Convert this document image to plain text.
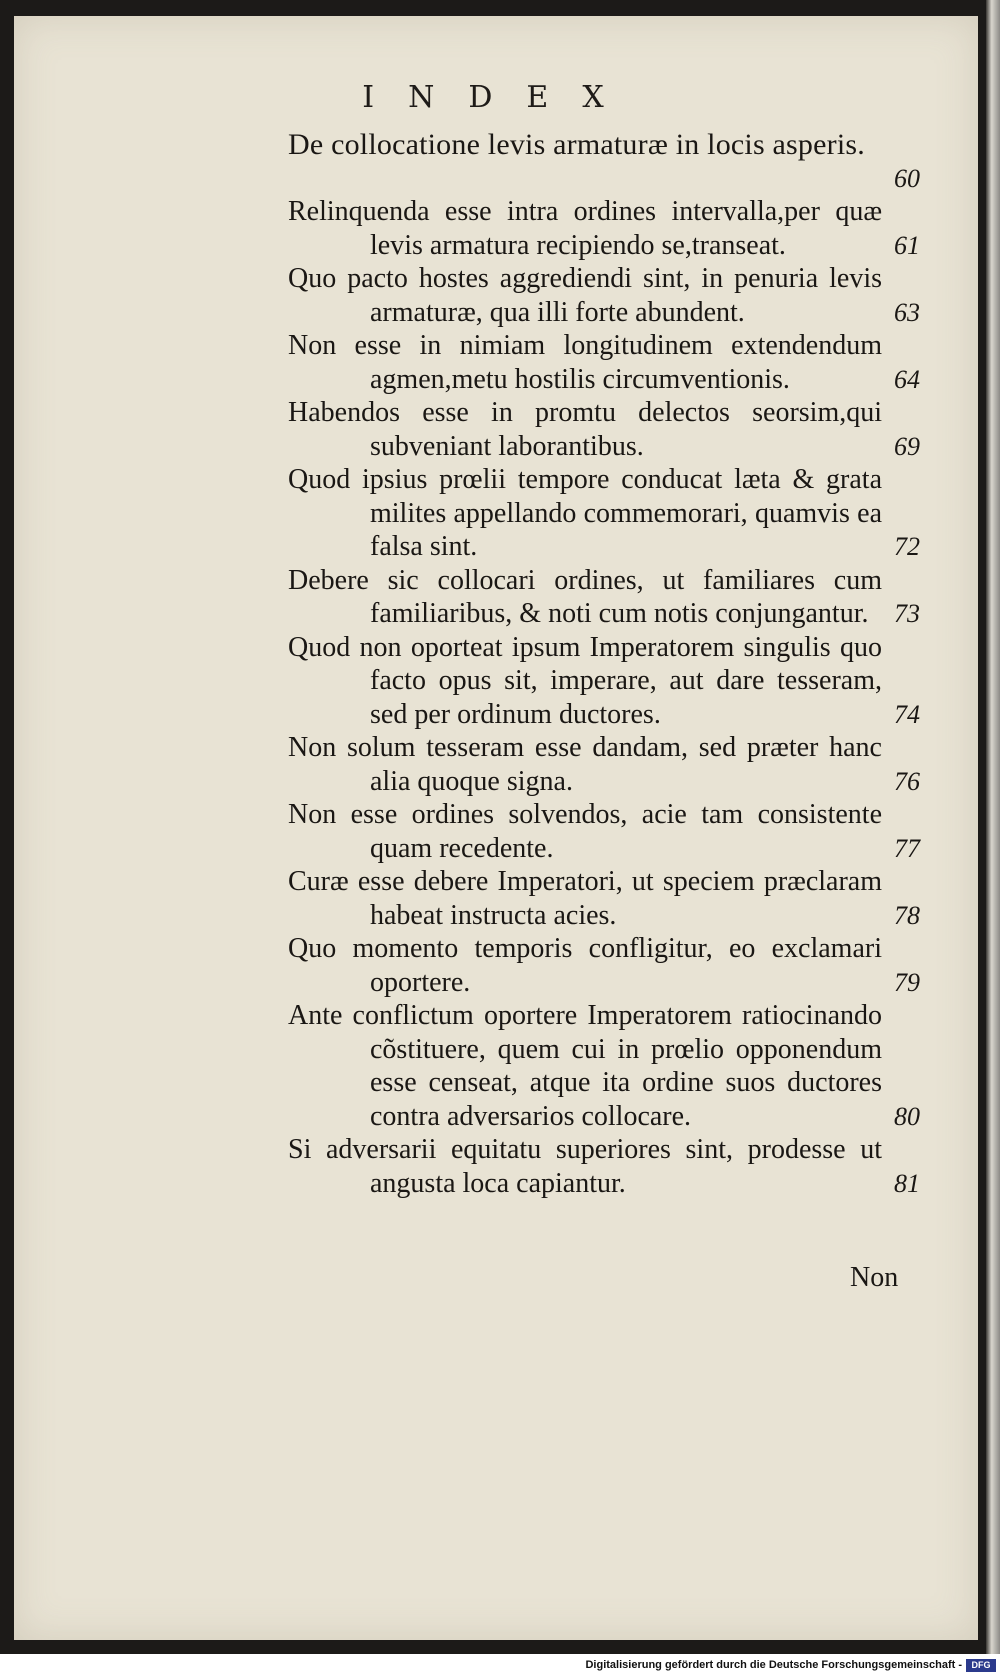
INDEX
De collocatione levis armaturæ in locis asperis.
60
Relinquenda esse intra ordines intervalla,per quæ levis armatura recipiendo se,transeat.	61
Quo pacto hostes aggrediendi sint, in penuria levis armaturæ, qua illi forte abundent.	63
Non esse in nimiam longitudinem extendendum agmen,metu hostilis circumventionis.	64
Habendos esse in promtu delectos seorsim,qui subveniant laborantibus.	69
Quod ipsius prœlii tempore conducat læta & grata milites appellando commemorari, quamvis ea falsa sint.	72
Debere sic collocari ordines, ut familiares cum familiaribus, & noti cum notis conjungantur. 73
Quod non oporteat ipsum Imperatorem singulis quo facto opus sit, imperare, aut dare tesseram, sed per ordinum ductores.	74
Non solum tesseram esse dandam, sed præter hanc alia quoque signa.	76
Non esse ordines solvendos, acie tam consistente quam recedente.	77
Curæ esse debere Imperatori, ut speciem præclaram habeat instructa acies.	78
Quo momento temporis confligitur, eo exclamari oportere.	79
Ante conflictum oportere Imperatorem ratiocinando cõstituere, quem cui in prœlio opponendum esse censeat, atque ita ordine suos ductores contra adversarios collocare.	80
Si adversarii equitatu superiores sint, prodesse ut angusta loca capiantur.	81
Non
Digitalisierung gefördert durch die Deutsche Forschungsgemeinschaft -	DFG
